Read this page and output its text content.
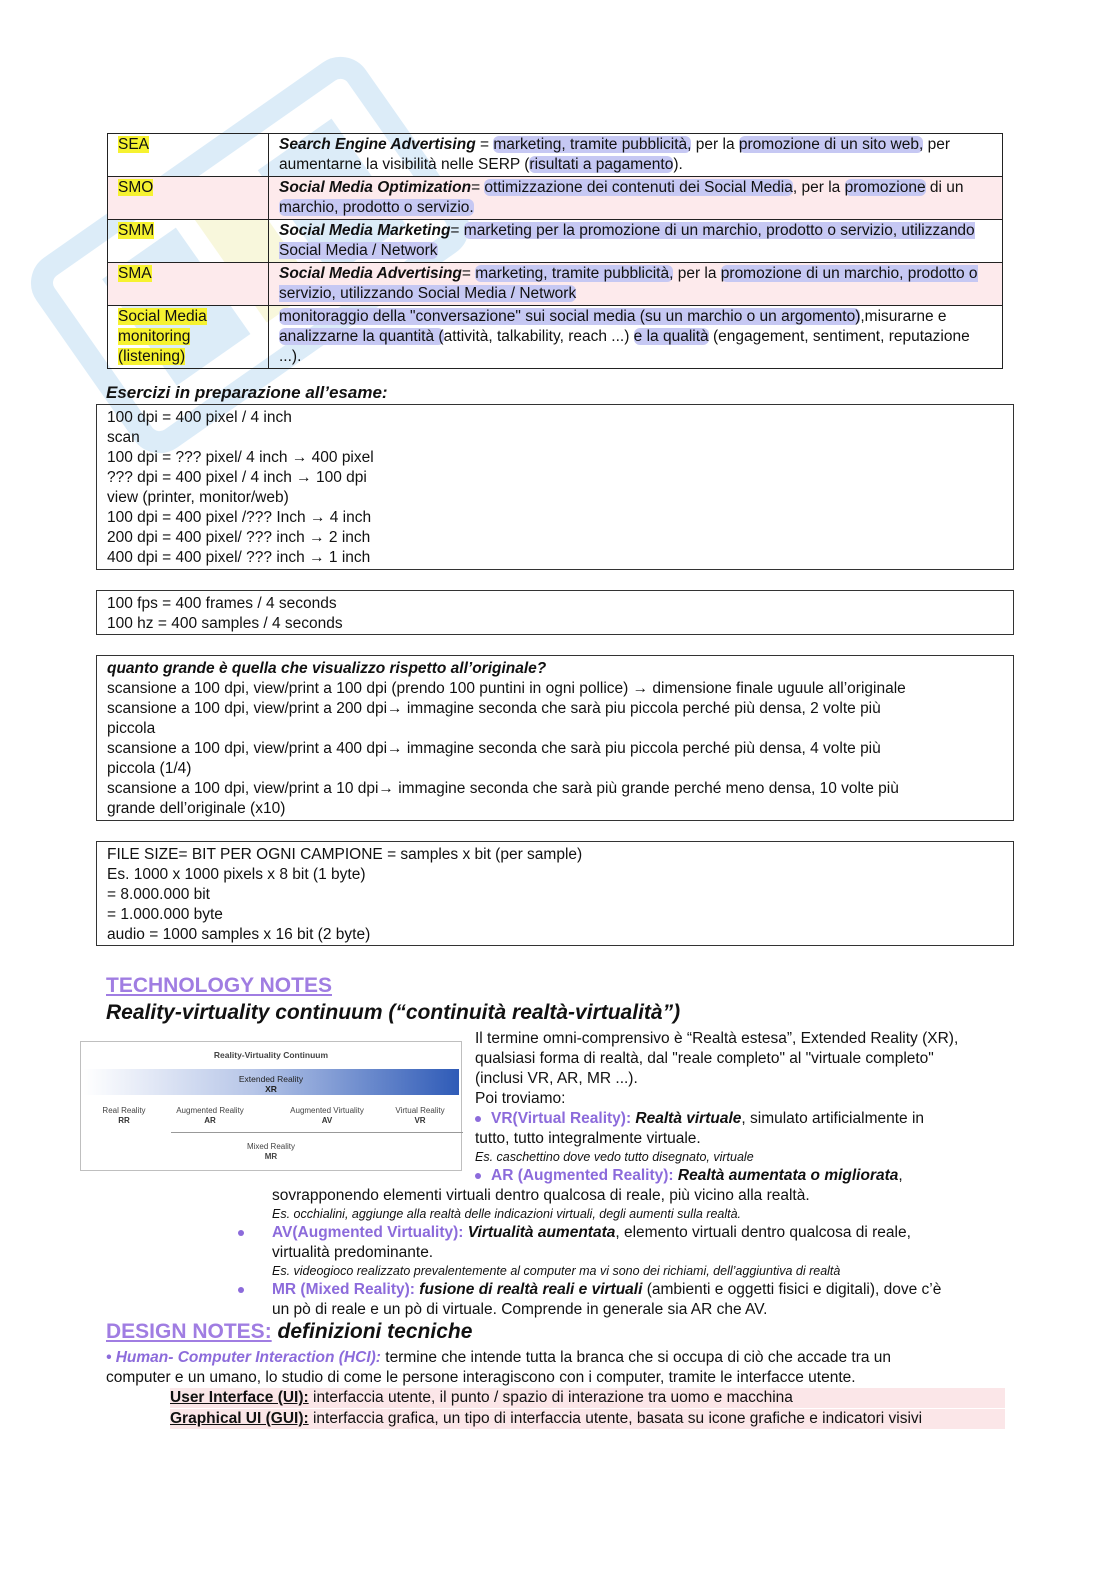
SEA	Search Engine Advertising = marketing, tramite pubblicità, per la promozione di un sito web, per aumentarne la visibilità nelle SERP (risultati a pagamento).
SMO	Social Media Optimization= ottimizzazione dei contenuti dei Social Media, per la promozione di un marchio, prodotto o servizio.
SMM	Social Media Marketing= marketing per la promozione di un marchio, prodotto o servizio, utilizzando Social Media / Network
SMA	Social Media Advertising= marketing, tramite pubblicità, per la promozione di un marchio, prodotto o servizio, utilizzando Social Media / Network
Social Media monitoring (listening)	monitoraggio della "conversazione" sui social media (su un marchio o un argomento),misurarne e analizzarne la quantità (attività, talkability, reach ...) e la qualità (engagement, sentiment, reputazione ...).
Esercizi in preparazione all’esame:
100 dpi = 400 pixel / 4 inch
scan
100 dpi = ??? pixel/ 4 inch → 400 pixel
??? dpi = 400 pixel / 4 inch → 100 dpi
view (printer, monitor/web)
100 dpi = 400 pixel /??? Inch → 4 inch
200 dpi = 400 pixel/ ??? inch → 2 inch
400 dpi = 400 pixel/ ??? inch → 1 inch
100 fps = 400 frames / 4 seconds
100 hz = 400 samples / 4 seconds
quanto grande è quella che visualizzo rispetto all’originale?
scansione a 100 dpi, view/print a 100 dpi (prendo 100 puntini in ogni pollice) → dimensione finale uguule all’originale
scansione a 100 dpi, view/print a 200 dpi→ immagine seconda che sarà piu piccola perché più densa, 2 volte più
piccola
scansione a 100 dpi, view/print a 400 dpi→ immagine seconda che sarà piu piccola perché più densa, 4 volte più
piccola (1/4)
scansione a 100 dpi, view/print a 10 dpi→ immagine seconda che sarà più grande perché meno densa, 10 volte più
grande dell’originale (x10)
FILE SIZE= BIT PER OGNI CAMPIONE = samples x bit (per sample)
Es. 1000 x 1000 pixels x 8 bit (1 byte)
= 8.000.000 bit
= 1.000.000 byte
audio = 1000 samples x 16 bit (2 byte)
TECHNOLOGY NOTES
Reality-virtuality continuum (“continuità realtà-virtualità”)
Reality-Virtuality Continuum
Extended Reality
XR
Real Reality
RR
Augmented Reality
AR
Augmented Virtuality
AV
Virtual Reality
VR
Mixed Reality
MR
Il termine omni-comprensivo è “Realtà estesa”, Extended Reality (XR),
qualsiasi forma di realtà, dal "reale completo" al "virtuale completo"
(inclusi VR, AR, MR ...).
Poi troviamo:
VR(Virtual Reality): Realtà virtuale, simulato artificialmente in
tutto, tutto integralmente virtuale.
Es. caschettino dove vedo tutto disegnato, virtuale
AR (Augmented Reality): Realtà aumentata o migliorata,
sovrapponendo elementi virtuali dentro qualcosa di reale, più vicino alla realtà.
Es. occhialini, aggiunge alla realtà delle indicazioni virtuali, degli aumenti sulla realtà.
AV(Augmented Virtuality): Virtualità aumentata, elemento virtuali dentro qualcosa di reale,
virtualità predominante.
Es. videogioco realizzato prevalentemente al computer ma vi sono dei richiami, dell’aggiuntiva di realtà
MR (Mixed Reality): fusione di realtà reali e virtuali (ambienti e oggetti fisici e digitali), dove c’è
un pò di reale e un pò di virtuale. Comprende in generale sia AR che AV.
DESIGN NOTES: definizioni tecniche
• Human- Computer Interaction (HCI): termine che intende tutta la branca che si occupa di ciò che accade tra un
computer e un umano, lo studio di come le persone interagiscono con i computer, tramite le interfacce utente.
User Interface (UI): interfaccia utente, il punto / spazio di interazione tra uomo e macchina
Graphical UI (GUI): interfaccia grafica, un tipo di interfaccia utente, basata su icone grafiche e indicatori visivi
